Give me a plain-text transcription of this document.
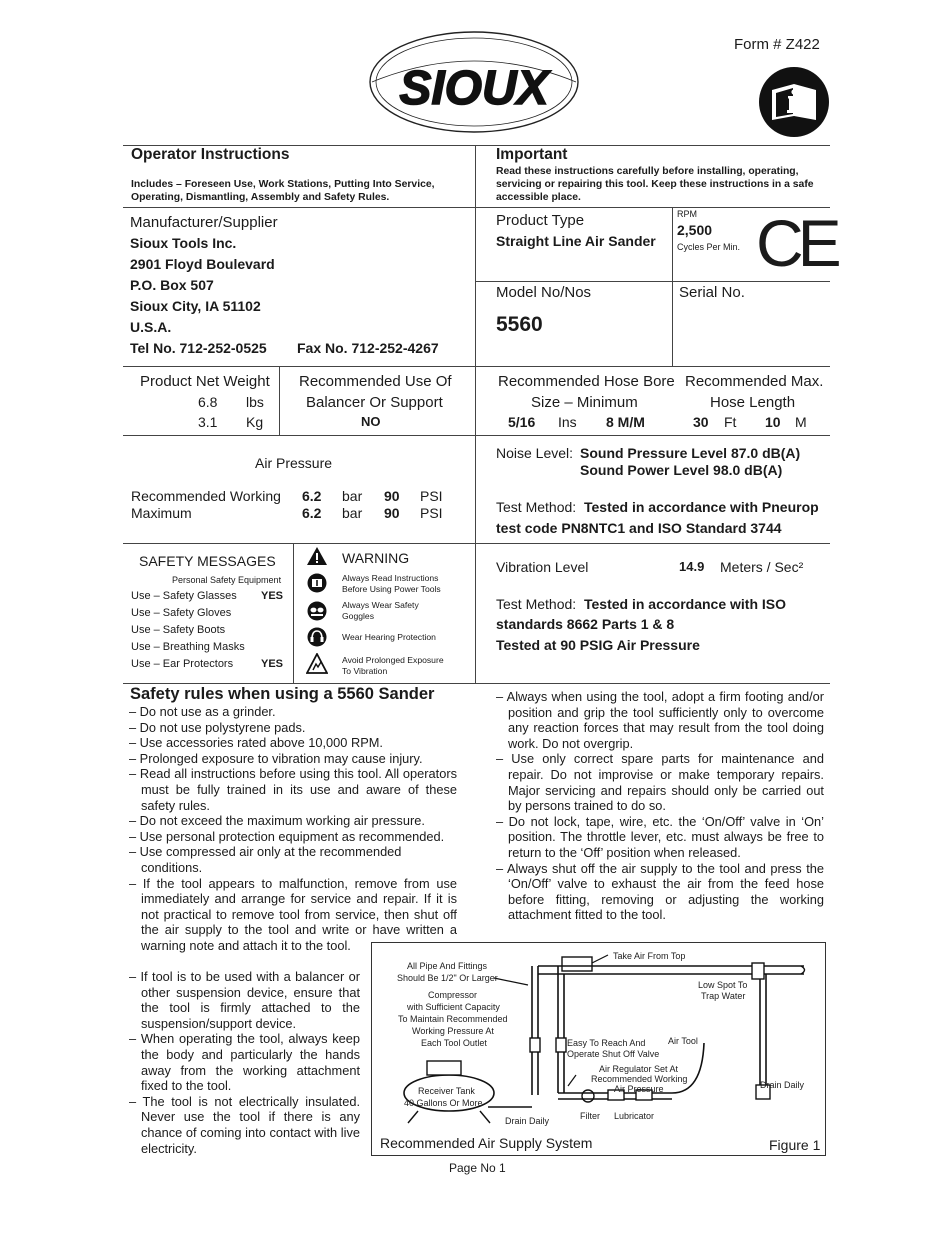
Form # Z422
SIOUX
Operator Instructions
Includes – Foreseen Use, Work Stations, Putting Into Service, Operating, Dismantling, Assembly and Safety Rules.
Important
Read these instructions carefully before installing, operating, servicing or repairing this tool. Keep these instructions in a safe accessible place.
Manufacturer/Supplier
Sioux Tools Inc.
2901 Floyd Boulevard
P.O. Box 507
Sioux City, IA 51102
U.S.A.
Tel No. 712-252-0525 Fax No. 712-252-4267
Product Type
Straight Line Air Sander
RPM
2,500
Cycles Per Min. CE
Model No/Nos
5560
Serial No.
Product Net Weight
6.8 lbs
3.1 Kg
Recommended Use Of
Balancer Or Support
NO
Recommended Hose Bore
Size – Minimum
5/16 Ins 8 M/M
Recommended Max.
Hose Length
30 Ft 10 M
Air Pressure
Recommended Working 6.2 bar 90 PSI
Maximum	6.2 bar 90 PSI
Noise Level: Sound Pressure Level 87.0 dB(A)
Sound Power Level 98.0 dB(A)
Test Method: Tested in accordance with Pneurop
test code PN8NTC1 and ISO Standard 3744
SAFETY MESSAGES
Personal Safety Equipment
Use – Safety Glasses YES
Use – Safety Gloves
Use – Safety Boots
Use – Breathing Masks
Use – Ear Protectors	YES
WARNING
Always Read Instructions
Before Using Power Tools
Always Wear Safety
Goggles
Wear Hearing Protection
Avoid Prolonged Exposure
To Vibration
Vibration Level	14.9 Meters / Sec²
Test Method: Tested in accordance with ISO
standards 8662 Parts 1 & 8
Tested at 90 PSIG Air Pressure
Safety rules when using a 5560 Sander
– Do not use as a grinder.
– Do not use polystyrene pads.
– Use accessories rated above 10,000 RPM.
– Prolonged exposure to vibration may cause injury.
– Read all instructions before using this tool. All operators must be fully trained in its use and aware of these safety rules.
– Do not exceed the maximum working air pressure.
– Use personal protection equipment as recommended.
– Use compressed air only at the recommended conditions.
– If the tool appears to malfunction, remove from use immediately and arrange for service and repair. If it is not practical to remove tool from service, then shut off the air supply to the tool and write or have written a warning note and attach it to the tool.
– If tool is to be used with a balancer or other suspension device, ensure that the tool is firmly attached to the suspension/support device.
– When operating the tool, always keep the body and particularly the hands away from the working attachment fixed to the tool.
– The tool is not electrically insulated. Never use the tool if there is any chance of coming into contact with live electricity.
– Always when using the tool, adopt a firm footing and/or position and grip the tool sufficiently only to overcome any reaction forces that may result from the tool doing work. Do not overgrip.
– Use only correct spare parts for maintenance and repair. Do not improvise or make temporary repairs. Major servicing and repairs should only be carried out by persons trained to do so.
– Do not lock, tape, wire, etc. the ‘On/Off’ valve in ‘On’ position. The throttle lever, etc. must always be free to return to the ‘Off’ position when released.
– Always shut off the air supply to the tool and press the ‘On/Off’ valve to exhaust the air from the feed hose before fitting, removing or adjusting the working attachment fitted to the tool.
Take Air From Top
All Pipe And Fittings
Should Be 1/2" Or Larger
Compressor
with Sufficient Capacity
To Maintain Recommended
Working Pressure At
Each Tool Outlet
Low Spot To
Trap Water
Easy To Reach And
Operate Shut Off Valve
Air Tool
Air Regulator Set At
Recommended Working
Air Pressure
Receiver Tank
40 Gallons Or More
Drain Daily
Drain Daily
Filter Lubricator
Recommended Air Supply System	Figure 1
Page No 1
